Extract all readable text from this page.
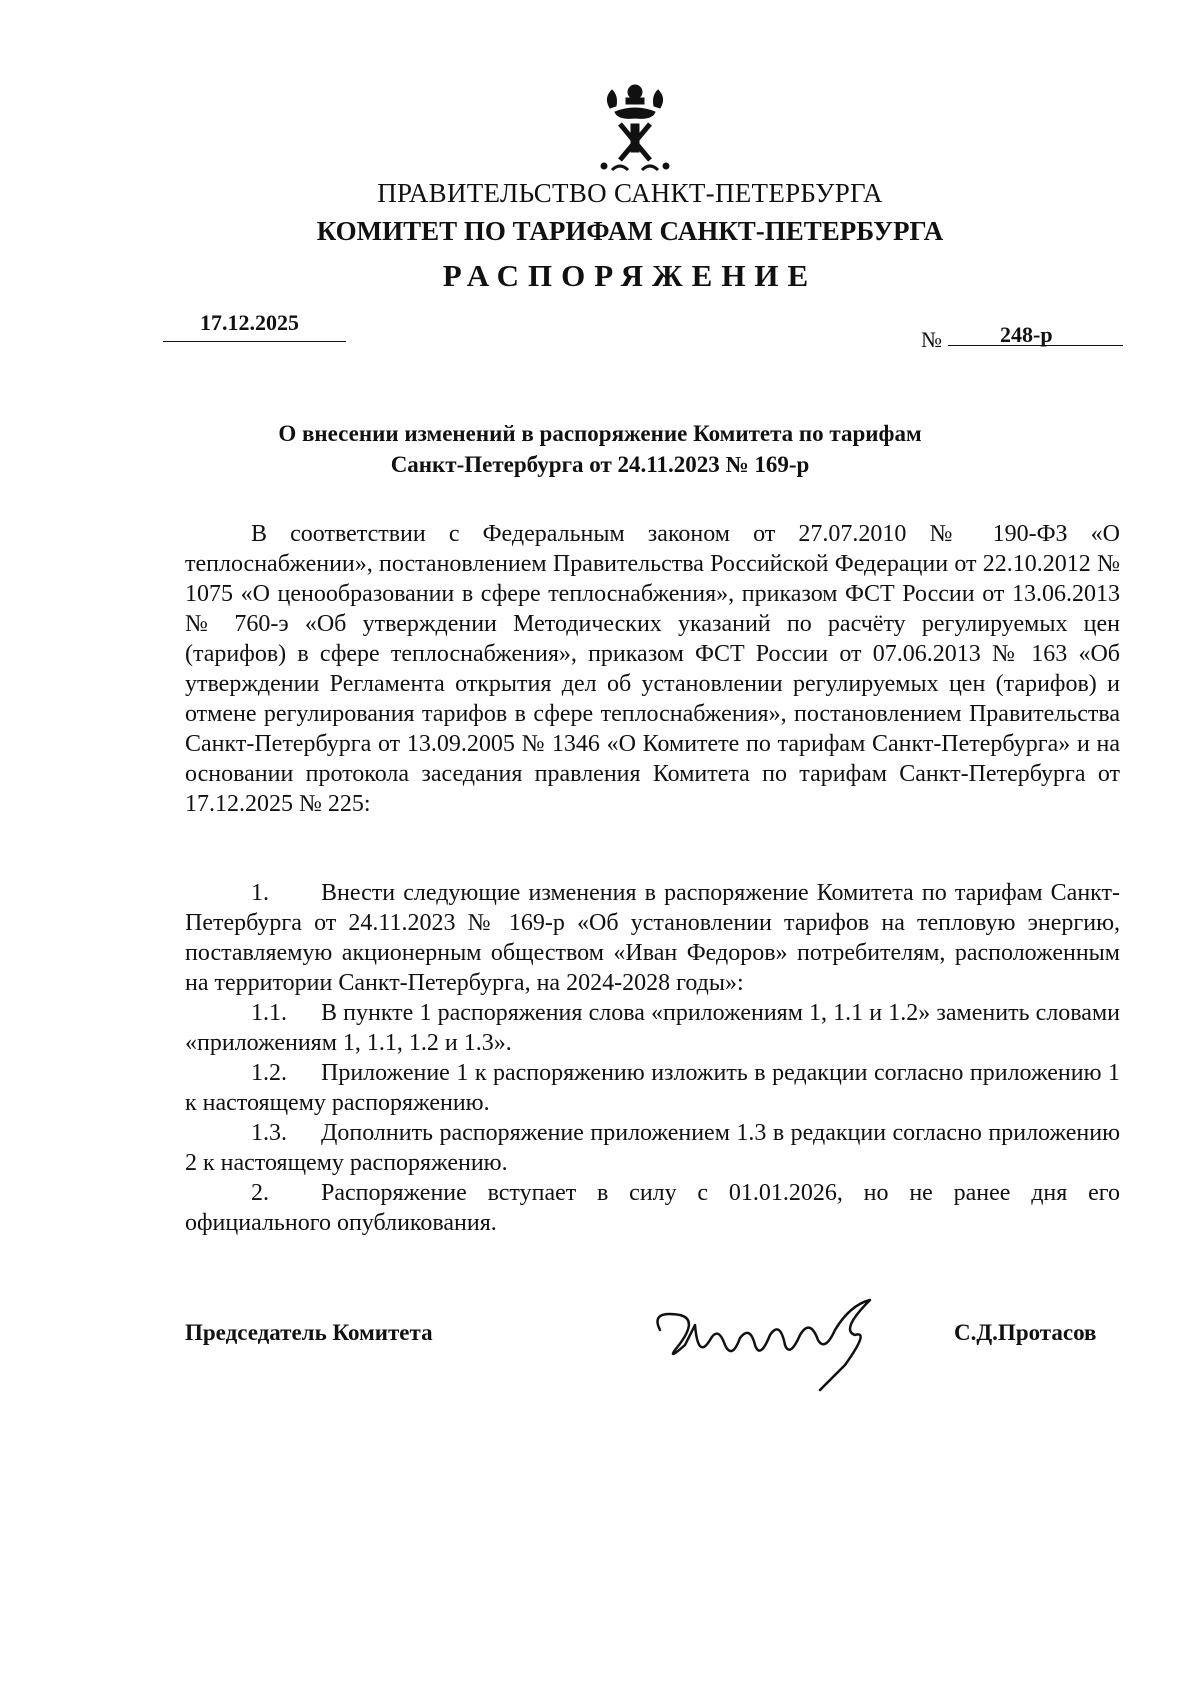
ПРАВИТЕЛЬСТВО САНКТ-ПЕТЕРБУРГА
КОМИТЕТ ПО ТАРИФАМ САНКТ-ПЕТЕРБУРГА
РАСПОРЯЖЕНИЕ
17.12.2025
№	248-р
О внесении изменений в распоряжение Комитета по тарифам
Санкт-Петербурга от 24.11.2023 № 169-р
В соответствии с Федеральным законом от 27.07.2010 № 190-ФЗ «О теплоснабжении», постановлением Правительства Российской Федерации от 22.10.2012 № 1075 «О ценообразовании в сфере теплоснабжения», приказом ФСТ России от 13.06.2013 № 760-э «Об утверждении Методических указаний по расчёту регулируемых цен (тарифов) в сфере теплоснабжения», приказом ФСТ России от 07.06.2013 № 163 «Об утверждении Регламента открытия дел об установлении регулируемых цен (тарифов) и отмене регулирования тарифов в сфере теплоснабжения», постановлением Правительства Санкт-Петербурга от 13.09.2005 № 1346 «О Комитете по тарифам Санкт-Петербурга» и на основании протокола заседания правления Комитета по тарифам Санкт-Петербурга от 17.12.2025 № 225:

1. Внести следующие изменения в распоряжение Комитета по тарифам Санкт-Петербурга от 24.11.2023 № 169-р «Об установлении тарифов на тепловую энергию, поставляемую акционерным обществом «Иван Федоров» потребителям, расположенным на территории Санкт-Петербурга, на 2024-2028 годы»:

1.1. В пункте 1 распоряжения слова «приложениям 1, 1.1 и 1.2» заменить словами «приложениям 1, 1.1, 1.2 и 1.3».

1.2. Приложение 1 к распоряжению изложить в редакции согласно приложению 1 к настоящему распоряжению.

1.3. Дополнить распоряжение приложением 1.3 в редакции согласно приложению 2 к настоящему распоряжению.

2. Распоряжение вступает в силу с 01.01.2026, но не ранее дня его официального опубликования.

Председатель Комитета	С.Д.Протасов
